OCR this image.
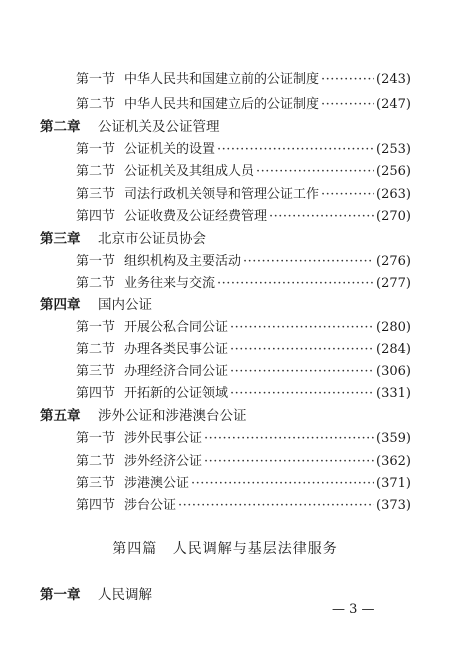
第一节 中华人民共和国建立前的公证制度 ·····	(243)
第二节 中华人民共和国建立后的公证制度 ·····	(247)
第二章	公证机关及公证管理
第一节 公证机关的设置 ·····	(253)
第二节 公证机关及其组成人员 ·····	(256)
第三节 司法行政机关领导和管理公证工作 ·····	(263)
第四节 公证收费及公证经费管理 ·····	(270)
第三章	北京市公证员协会
第一节 组织机构及主要活动 ·····	(276)
第二节 业务往来与交流 ·····	(277)
第四章	国内公证
第一节 开展公私合同公证 ·····	(280)
第二节 办理各类民事公证 ·····	(284)
第三节 办理经济合同公证 ·····	(306)
第四节 开拓新的公证领域 ·····	(331)
第五章	涉外公证和涉港澳台公证
第一节 涉外民事公证 ·····	(359)
第二节 涉外经济公证 ·····	(362)
第三节 涉港澳公证 ·····	(371)
第四节 涉台公证 ·····	(373)
第四篇 人民调解与基层法律服务
第一章	人民调解
— 3 —
